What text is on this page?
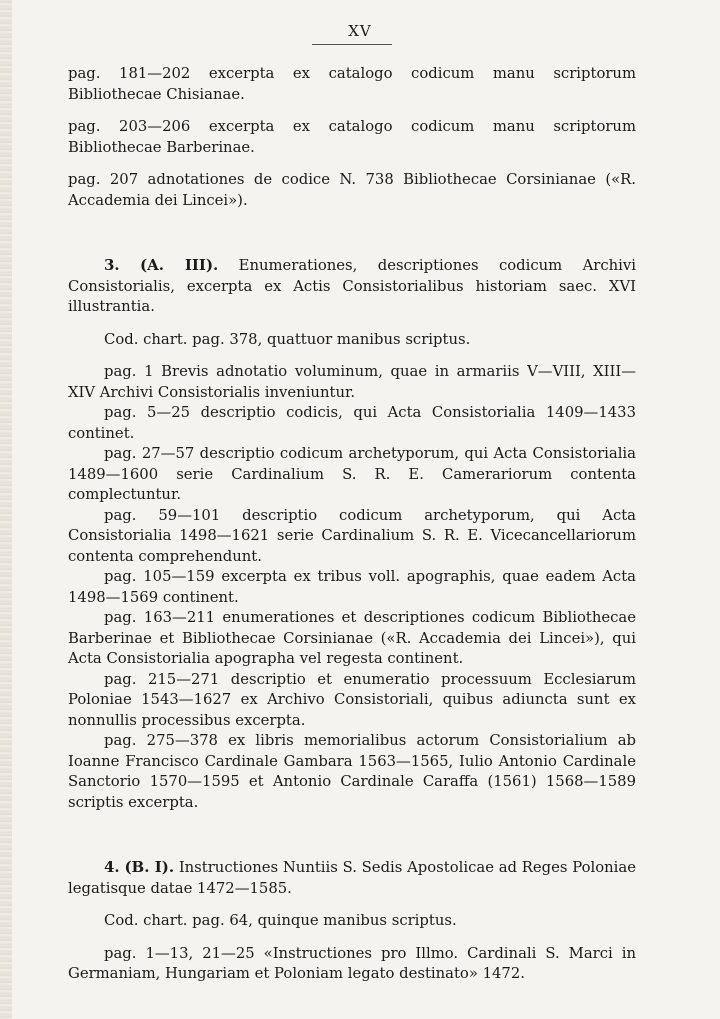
XV

pag. 181—202 excerpta ex catalogo codicum manu scriptorum Bibliothecae Chisianae.

pag. 203—206 excerpta ex catalogo codicum manu scriptorum Bibliothecae Barberinae.

pag. 207 adnotationes de codice N. 738 Bibliothecae Corsinianae («R. Accademia dei Lincei»).

3. (A. III). Enumerationes, descriptiones codicum Archivi Consistorialis, excerpta ex Actis Consistorialibus historiam saec. XVI illustrantia.

Cod. chart. pag. 378, quattuor manibus scriptus.

pag. 1 Brevis adnotatio voluminum, quae in armariis V—VIII, XIII—XIV Archivi Consistorialis inveniuntur.

pag. 5—25 descriptio codicis, qui Acta Consistorialia 1409—1433 continet.

pag. 27—57 descriptio codicum archetyporum, qui Acta Consistorialia 1489—1600 serie Cardinalium S. R. E. Camerariorum contenta complectuntur.

pag. 59—101 descriptio codicum archetyporum, qui Acta Consistorialia 1498—1621 serie Cardinalium S. R. E. Vicecancellariorum contenta comprehendunt.

pag. 105—159 excerpta ex tribus voll. apographis, quae eadem Acta 1498—1569 continent.

pag. 163—211 enumerationes et descriptiones codicum Bibliothecae Barberinae et Bibliothecae Corsinianae («R. Accademia dei Lincei»), qui Acta Consistorialia apographa vel regesta continent.

pag. 215—271 descriptio et enumeratio processuum Ecclesiarum Poloniae 1543—1627 ex Archivo Consistoriali, quibus adiuncta sunt ex nonnullis processibus excerpta.

pag. 275—378 ex libris memorialibus actorum Consistorialium ab Ioanne Francisco Cardinale Gambara 1563—1565, Iulio Antonio Cardinale Sanctorio 1570—1595 et Antonio Cardinale Caraffa (1561) 1568—1589 scriptis excerpta.

4. (B. I). Instructiones Nuntiis S. Sedis Apostolicae ad Reges Poloniae legatisque datae 1472—1585.

Cod. chart. pag. 64, quinque manibus scriptus.

pag. 1—13, 21—25 «Instructiones pro Illmo. Cardinali S. Marci in Germaniam, Hungariam et Poloniam legato destinato» 1472.
